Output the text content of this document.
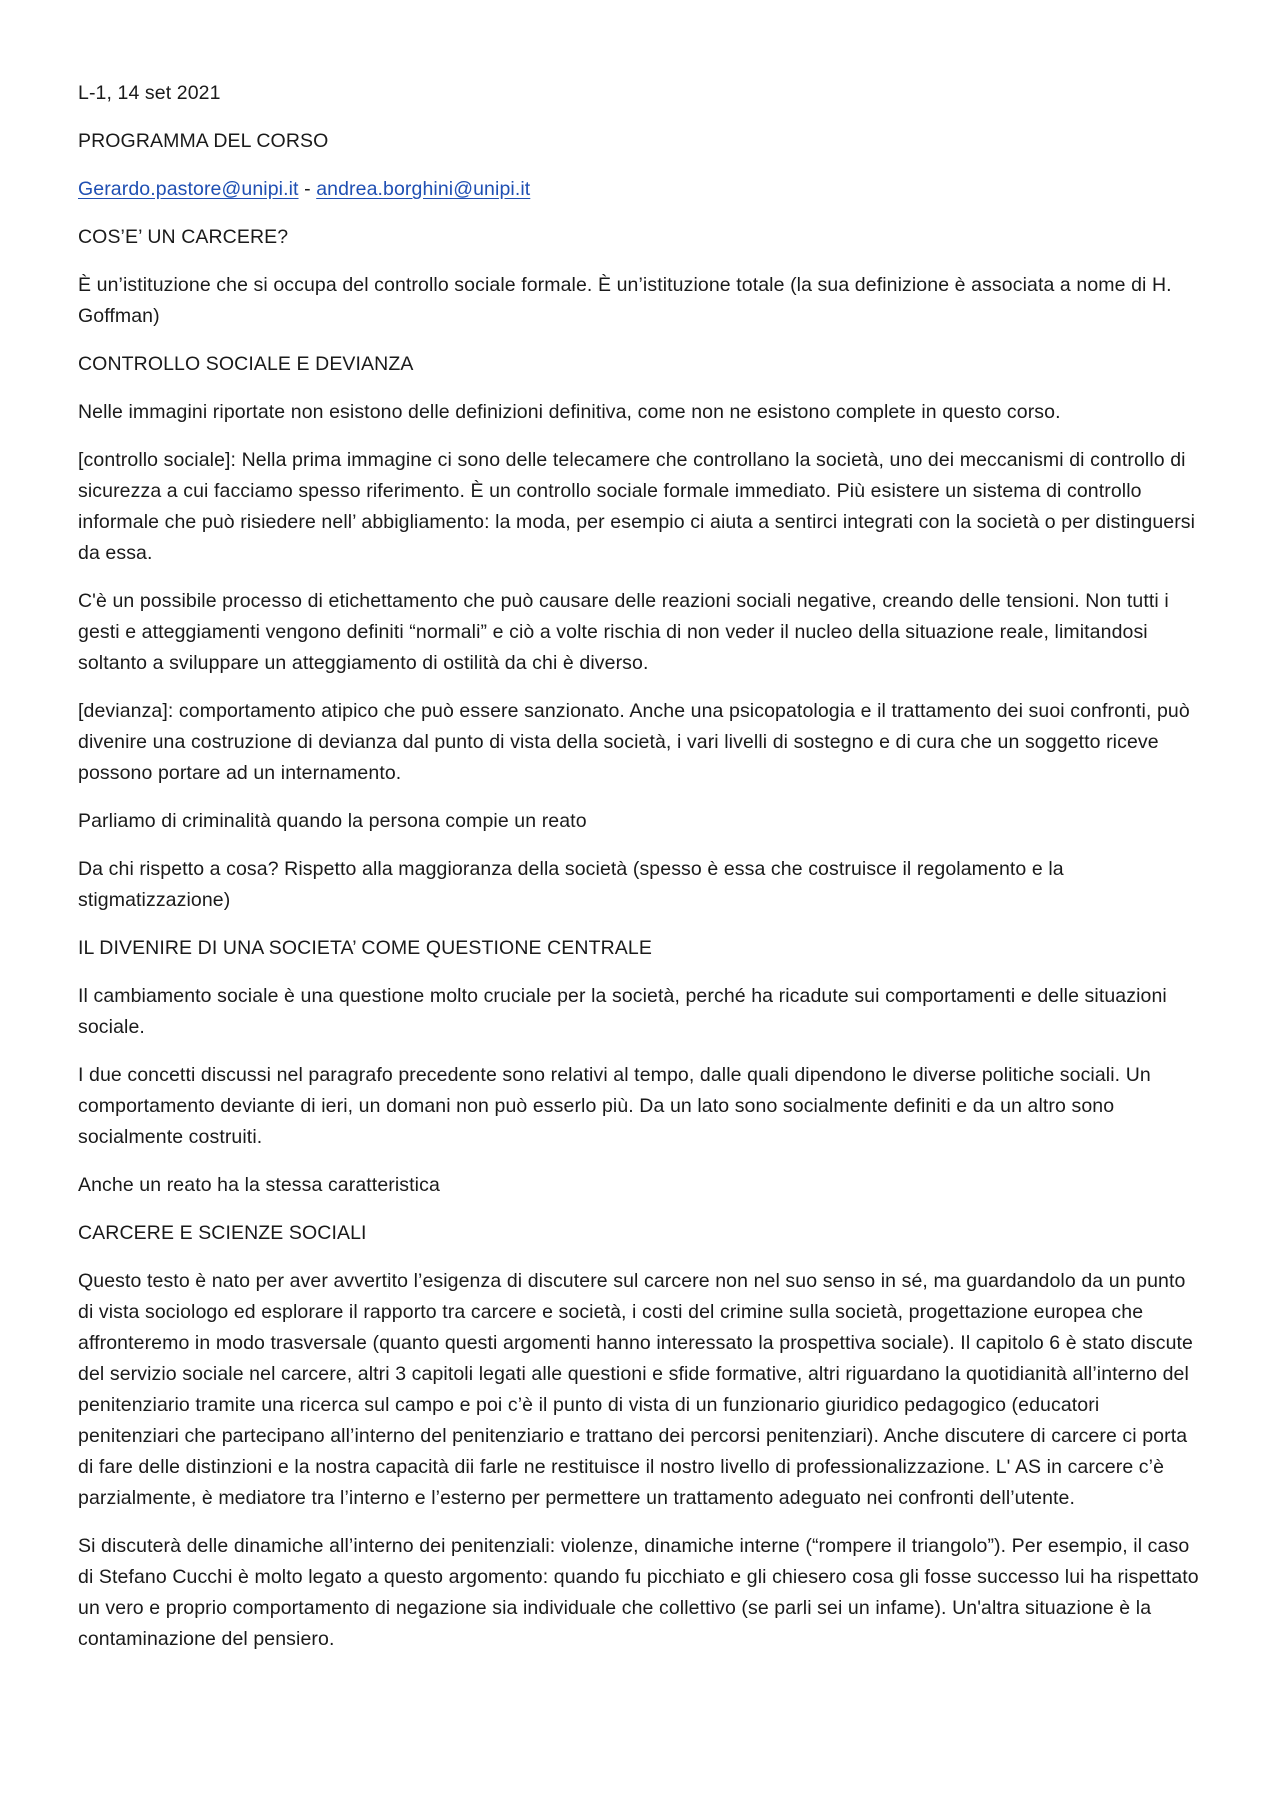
L-1, 14 set 2021

PROGRAMMA DEL CORSO

Gerardo.pastore@unipi.it - andrea.borghini@unipi.it

COS’E’ UN CARCERE?

È un’istituzione che si occupa del controllo sociale formale. È un’istituzione totale (la sua definizione è associata a nome di H. Goffman)

CONTROLLO SOCIALE E DEVIANZA

Nelle immagini riportate non esistono delle definizioni definitiva, come non ne esistono complete in questo corso.

[controllo sociale]: Nella prima immagine ci sono delle telecamere che controllano la società, uno dei meccanismi di controllo di sicurezza a cui facciamo spesso riferimento. È un controllo sociale formale immediato. Più esistere un sistema di controllo informale che può risiedere nell’ abbigliamento: la moda, per esempio ci aiuta a sentirci integrati con la società o per distinguersi da essa.

C'è un possibile processo di etichettamento che può causare delle reazioni sociali negative, creando delle tensioni. Non tutti i gesti e atteggiamenti vengono definiti “normali” e ciò a volte rischia di non veder il nucleo della situazione reale, limitandosi soltanto a sviluppare un atteggiamento di ostilità da chi è diverso.

[devianza]: comportamento atipico che può essere sanzionato. Anche una psicopatologia e il trattamento dei suoi confronti, può divenire una costruzione di devianza dal punto di vista della società, i vari livelli di sostegno e di cura che un soggetto riceve possono portare ad un internamento.

Parliamo di criminalità quando la persona compie un reato

Da chi rispetto a cosa? Rispetto alla maggioranza della società (spesso è essa che costruisce il regolamento e la stigmatizzazione)

IL DIVENIRE DI UNA SOCIETA’ COME QUESTIONE CENTRALE

Il cambiamento sociale è una questione molto cruciale per la società, perché ha ricadute sui comportamenti e delle situazioni sociale.

I due concetti discussi nel paragrafo precedente sono relativi al tempo, dalle quali dipendono le diverse politiche sociali. Un comportamento deviante di ieri, un domani non può esserlo più. Da un lato sono socialmente definiti e da un altro sono socialmente costruiti.

Anche un reato ha la stessa caratteristica

CARCERE E SCIENZE SOCIALI

Questo testo è nato per aver avvertito l’esigenza di discutere sul carcere non nel suo senso in sé, ma guardandolo da un punto di vista sociologo ed esplorare il rapporto tra carcere e società, i costi del crimine sulla società, progettazione europea che affronteremo in modo trasversale (quanto questi argomenti hanno interessato la prospettiva sociale). Il capitolo 6 è stato discute del servizio sociale nel carcere, altri 3 capitoli legati alle questioni e sfide formative, altri riguardano la quotidianità all’interno del penitenziario tramite una ricerca sul campo e poi c’è il punto di vista di un funzionario giuridico pedagogico (educatori penitenziari che partecipano all’interno del penitenziario e trattano dei percorsi penitenziari). Anche discutere di carcere ci porta di fare delle distinzioni e la nostra capacità dii farle ne restituisce il nostro livello di professionalizzazione. L' AS in carcere c’è parzialmente, è mediatore tra l’interno e l’esterno per permettere un trattamento adeguato nei confronti dell’utente.

Si discuterà delle dinamiche all’interno dei penitenziali: violenze, dinamiche interne (“rompere il triangolo”). Per esempio, il caso di Stefano Cucchi è molto legato a questo argomento: quando fu picchiato e gli chiesero cosa gli fosse successo lui ha rispettato un vero e proprio comportamento di negazione sia individuale che collettivo (se parli sei un infame). Un'altra situazione è la contaminazione del pensiero.
